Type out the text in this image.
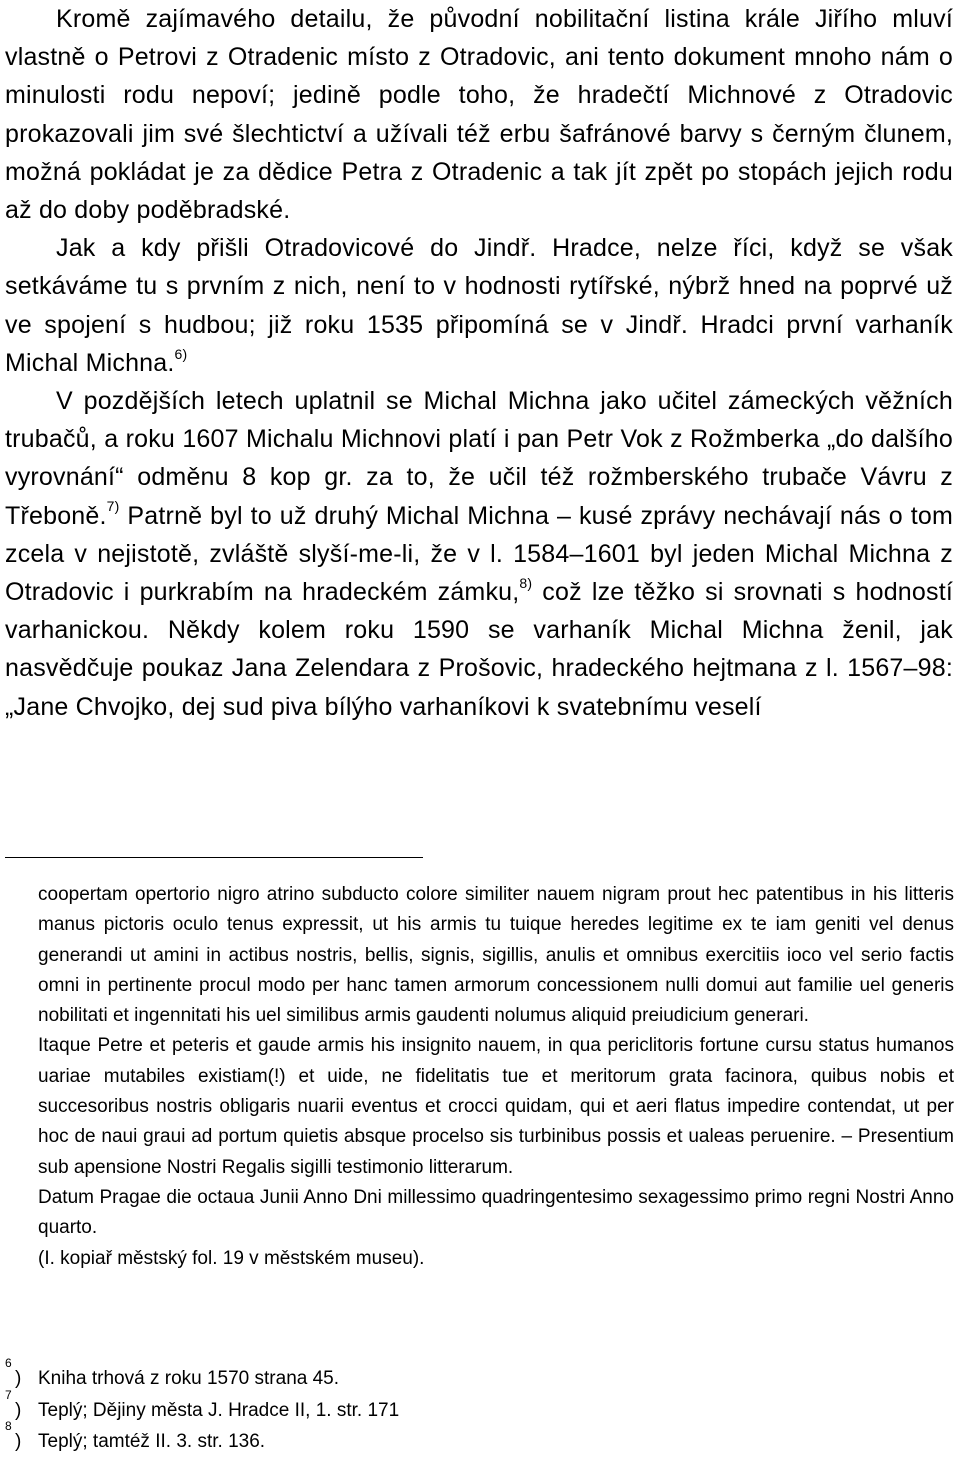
Kromě zajímavého detailu, že původní nobilitační listina krále Jiřího mluví vlastně o Petrovi z Otradenic místo z Otradovic, ani tento dokument mnoho nám o minulosti rodu nepoví; jedině podle toho, že hradečtí Michnové z Otradovic prokazovali jim své šlechtictví a užívali též erbu šafránové barvy s černým člunem, možná pokládat je za dědice Petra z Otradenic a tak jít zpět po stopách jejich rodu až do doby poděbradské.

Jak a kdy přišli Otradovicové do Jindř. Hradce, nelze říci, když se však setkáváme tu s prvním z nich, není to v hodnosti rytířské, nýbrž hned na poprvé už ve spojení s hudbou; již roku 1535 připomíná se v Jindř. Hradci první varhaník Michal Michna.$^{6)}$

V pozdějších letech uplatnil se Michal Michna jako učitel zámeckých věžních trubačů, a roku 1607 Michalu Michnovi platí i pan Petr Vok z Rožmberka „do dalšího vyrovnání“ odměnu 8 kop gr. za to, že učil též rožmberského trubače Vávru z Třeboně.$^{7)}$ Patrně byl to už druhý Michal Michna – kusé zprávy nechávají nás o tom zcela v nejistotě, zvláště slyší-me-li, že v l. 1584–1601 byl jeden Michal Michna z Otradovic i purkrabím na hradeckém zámku,$^{8)}$ což lze těžko si srovnati s hodností varhanickou. Někdy kolem roku 1590 se varhaník Michal Michna ženil, jak nasvědčuje poukaz Jana Zelendara z Prošovic, hradeckého hejtmana z l. 1567–98: „Jane Chvojko, dej sud piva bílýho varhaníkovi k svatebnímu veselí

coopertam opertorio nigro atrino subducto colore similiter nauem nigram prout hec patentibus in his litteris manus pictoris oculo tenus expressit, ut his armis tu tuique heredes legitime ex te iam geniti vel denus generandi ut amini in actibus nostris, bellis, signis, sigillis, anulis et omnibus exercitiis ioco vel serio factis omni in pertinente procul modo per hanc tamen armorum concessionem nulli domui aut familie uel generis nobilitati et ingennitati his uel similibus armis gaudenti nolumus aliquid preiudicium generari.

Itaque Petre et peteris et gaude armis his insignito nauem, in qua periclitoris fortune cursu status humanos uariae mutabiles existiam(!) et uide, ne fidelitatis tue et meritorum grata facinora, quibus nobis et succesoribus nostris obligaris nuarii eventus et crocci quidam, qui et aeri flatus impedire contendat, ut per hoc de naui graui ad portum quietis absque procelso sis turbinibus possis et ualeas peruenire. – Presentium sub apensione Nostri Regalis sigilli testimonio litterarum.

Datum Pragae die octaua Junii Anno Dni millessimo quadringentesimo sexagessimo primo regni Nostri Anno quarto.

(I. kopiař městský fol. 19 v městském museu).

6
) Kniha trhová z roku 1570 strana 45.
7
) Teplý; Dějiny města J. Hradce II, 1. str. 171
8
) Teplý; tamtéž II. 3. str. 136.
